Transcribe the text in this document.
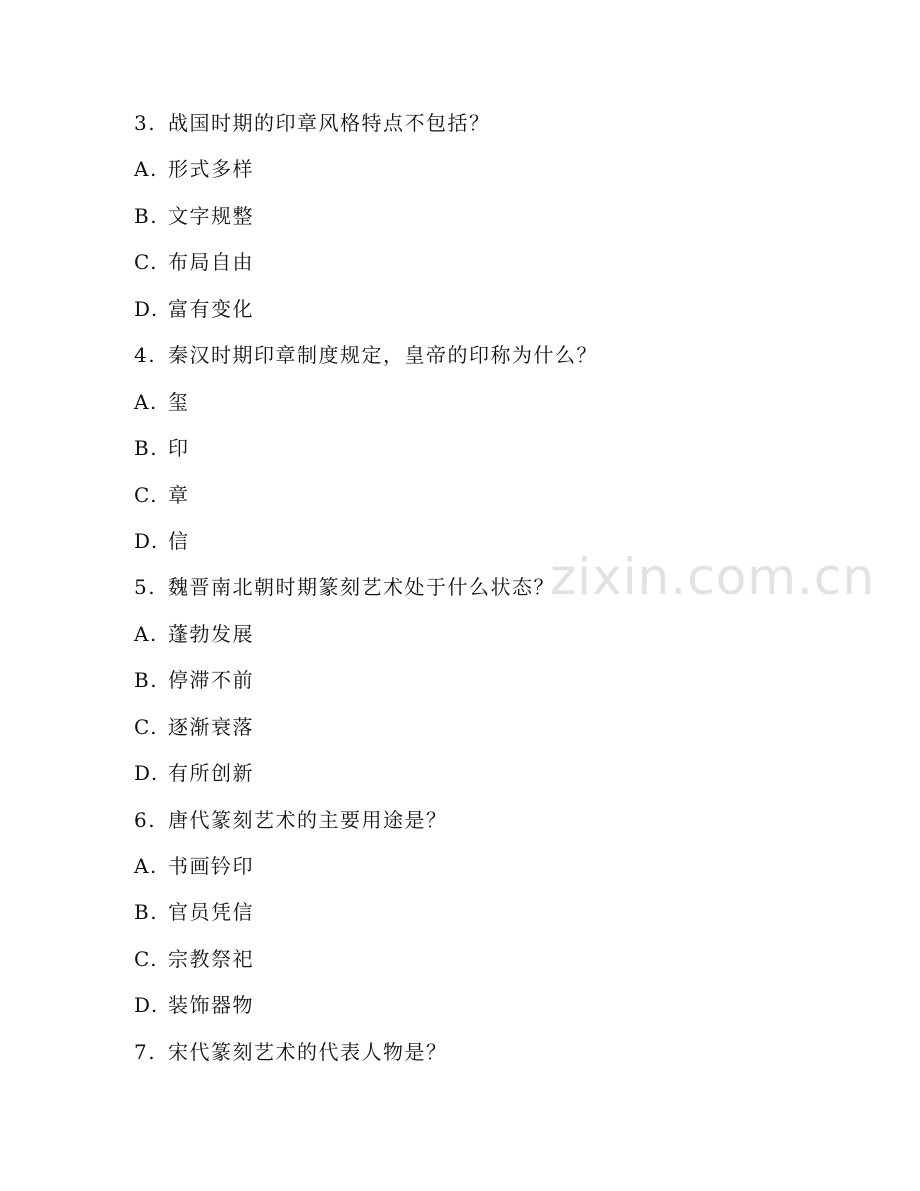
3. 战国时期的印章风格特点不包括？
A. 形式多样
B. 文字规整
C. 布局自由
D. 富有变化
4. 秦汉时期印章制度规定，皇帝的印称为什么？
A. 玺
B. 印
C. 章
D. 信
5. 魏晋南北朝时期篆刻艺术处于什么状态？
A. 蓬勃发展
B. 停滞不前
C. 逐渐衰落
D. 有所创新
6. 唐代篆刻艺术的主要用途是？
A. 书画钤印
B. 官员凭信
C. 宗教祭祀
D. 装饰器物
7. 宋代篆刻艺术的代表人物是？
zixin.com.cn
